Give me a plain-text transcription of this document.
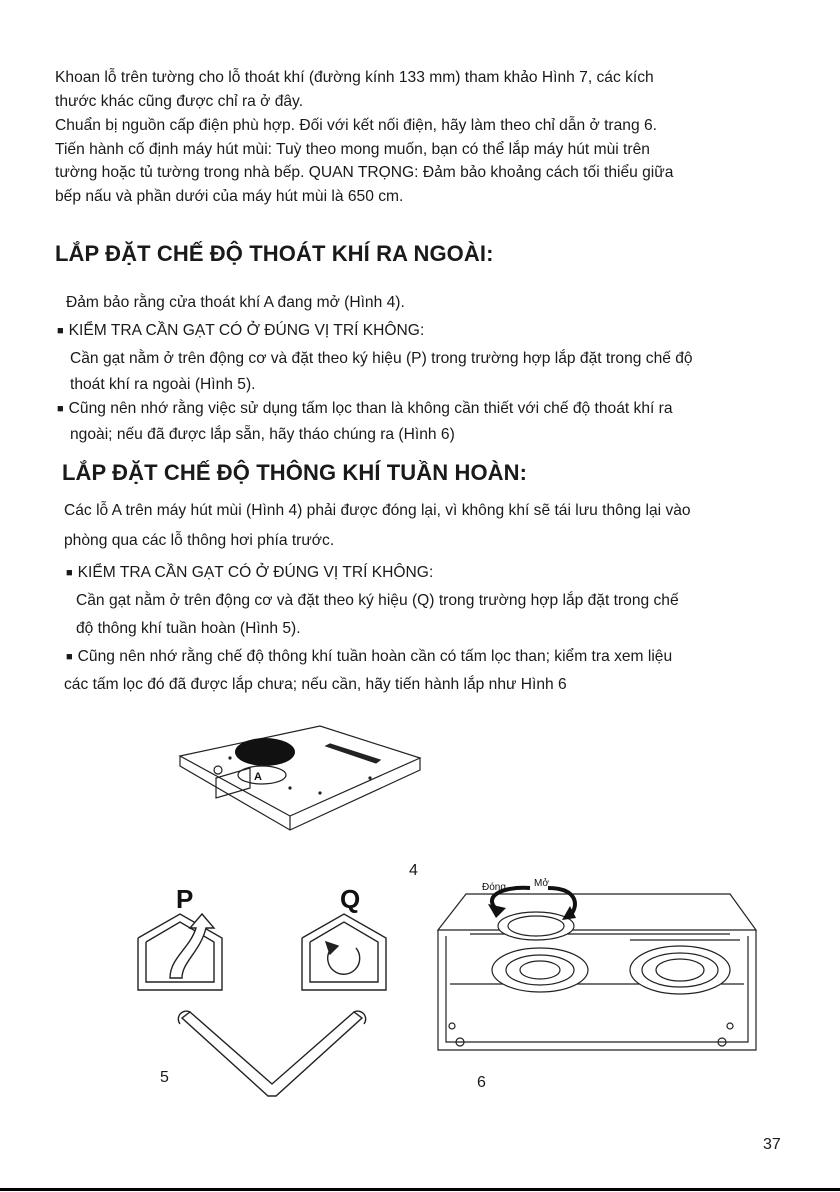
Khoan lỗ trên tường cho lỗ thoát khí (đường kính 133 mm) tham khảo Hình 7, các kích

thước khác cũng được chỉ ra ở đây.

Chuẩn bị nguồn cấp điện phù hợp. Đối với kết nối điện, hãy làm theo chỉ dẫn ở trang 6.

Tiến hành cố định máy hút mùi: Tuỳ theo mong muốn, bạn có thể lắp máy hút mùi trên

tường hoặc tủ tường trong nhà bếp. QUAN TRỌNG: Đảm bảo khoảng cách tối thiểu giữa

bếp nấu và phần dưới của máy hút mùi là 650 cm.

LẮP ĐẶT CHẾ ĐỘ THOÁT KHÍ RA NGOÀI:

Đảm bảo rằng cửa thoát khí A đang mở (Hình 4).

■ KIỂM TRA CẦN GẠT CÓ Ở ĐÚNG VỊ TRÍ KHÔNG:

Cần gạt nằm ở trên động cơ và đặt theo ký hiệu (P) trong trường hợp lắp đặt trong chế độ

thoát khí ra ngoài (Hình 5).

■ Cũng nên nhớ rằng việc sử dụng tấm lọc than là không cần thiết với chế độ thoát khí ra

ngoài; nếu đã được lắp sẵn, hãy tháo chúng ra (Hình 6)

LẮP ĐẶT CHẾ ĐỘ THÔNG KHÍ TUẦN HOÀN:

Các lỗ A trên máy hút mùi (Hình 4) phải được đóng lại, vì không khí sẽ tái lưu thông lại vào

phòng qua các lỗ thông hơi phía trước.

■ KIỂM TRA CẦN GẠT CÓ Ở ĐÚNG VỊ TRÍ KHÔNG:

Cần gạt nằm ở trên động cơ và đặt theo ký hiệu (Q) trong trường hợp lắp đặt trong chế

độ thông khí tuần hoàn (Hình 5).

■ Cũng nên nhớ rằng chế độ thông khí tuần hoàn cần có tấm lọc than; kiểm tra xem liệu

các tấm lọc đó đã được lắp chưa; nếu cần, hãy tiến hành lắp như Hình 6

A
4
P	Q
5
Đóng	Mở
6
37
